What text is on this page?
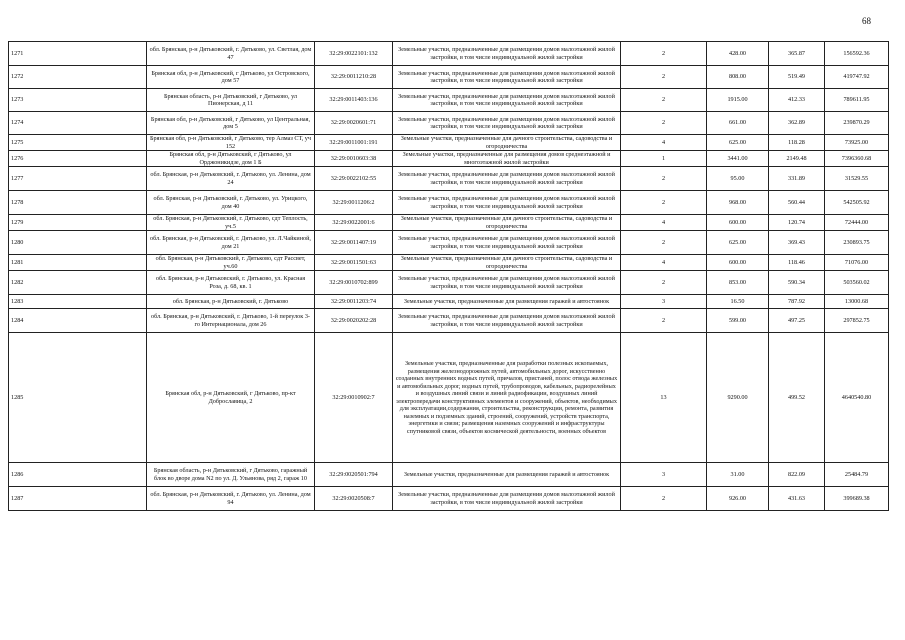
68
1271	обл. Брянская, р-н Дятьковский, г. Дятьково, ул. Светлая, дом 47	32:29:0022101:132	Земельные участки, предназначенные для размещения домов малоэтажной жилой застройки, в том числе индивидуальной жилой застройки	2	428.00	365.87	156592.36
1272	Брянская обл, р-н Дятьковский, г Дятьково, ул Островского, дом 57	32:29:0011210:28	Земельные участки, предназначенные для размещения домов малоэтажной жилой застройки, в том числе индивидуальной жилой застройки	2	808.00	519.49	419747.92
1273	Брянская область, р-н Дятьковский, г Дятьково, ул Пионерская, д 11	32:29:0011403:136	Земельные участки, предназначенные для размещения домов малоэтажной жилой застройки, в том числе индивидуальной жилой застройки	2	1915.00	412.33	789611.95
1274	Брянская обл, р-н Дятьковский, г Дятьково, ул Центральная, дом 5	32:29:0020601:71	Земельные участки, предназначенные для размещения домов малоэтажной жилой застройки, в том числе индивидуальной жилой застройки	2	661.00	362.89	239870.29
1275	Брянская обл, р-н Дятьковский, г Дятьково, тер Алмаз СТ, уч 152	32:29:0011001:191	Земельные участки, предназначенные для дачного строительства, садоводства и огородничества	4	625.00	118.28	73925.00
1276	Брянская обл, р-н Дятьковский, г Дятьково, ул Орджоникидзе, дом 1 Б	32:29:0010603:38	Земельные участки, предназначенные для размещения домов среднеэтажной и многоэтажной жилой застройки	1	3441.00	2149.48	7396360.68
1277	обл. Брянская, р-н Дятьковский, г. Дятьково, ул. Ленина, дом 24	32:29:0022102:55	Земельные участки, предназначенные для размещения домов малоэтажной жилой застройки, в том числе индивидуальной жилой застройки	2	95.00	331.89	31529.55
1278	обл. Брянская, р-н Дятьковский, г. Дятьково, ул. Урицкого, дом 40	32:29:0011206:2	Земельные участки, предназначенные для размещения домов малоэтажной жилой застройки, в том числе индивидуальной жилой застройки	2	968.00	560.44	542505.92
1279	обл. Брянская, р-н Дятьковский, г. Дятьково, сдт Теплость, уч.5	32:29:0022001:6	Земельные участки, предназначенные для дачного строительства, садоводства и огородничества	4	600.00	120.74	72444.00
1280	обл. Брянская, р-н Дятьковский, г. Дятьково, ул. Л.Чайкиной, дом 21	32:29:0011407:19	Земельные участки, предназначенные для размещения домов малоэтажной жилой застройки, в том числе индивидуальной жилой застройки	2	625.00	369.43	230893.75
1281	обл. Брянская, р-н Дятьковский, г. Дятьково, сдт Рассвет, уч.60	32:29:0011501:63	Земельные участки, предназначенные для дачного строительства, садоводства и огородничества	4	600.00	118.46	71076.00
1282	обл. Брянская, р-н Дятьковский, г. Дятьково, ул. Красная Роза, д. 68, кв. 1	32:29:0010702:899	Земельные участки, предназначенные для размещения домов малоэтажной жилой застройки, в том числе индивидуальной жилой застройки	2	853.00	590.34	503560.02
1283	обл. Брянская, р-н Дятьковский, г. Дятьково	32:29:0011203:74	Земельные участки, предназначенные для размещения гаражей и автостоянок	3	16.50	787.92	13000.68
1284	обл. Брянская, р-н Дятьковский, г. Дятьково, 1-й переулок 3-го Интернационала, дом 26	32:29:0020202:28	Земельные участки, предназначенные для размещения домов малоэтажной жилой застройки, в том числе индивидуальной жилой застройки	2	599.00	497.25	297852.75
1285	Брянская обл, р-н Дятьковский, г Дятьково, пр-кт Доброславица, 2	32:29:0010902:7	Земельные участки, предназначенные для разработки полезных ископаемых, размещения железнодорожных путей, автомобильных дорог, искусственно созданных внутренних водных путей, причалов, пристаней, полос отвода железных и автомобильных дорог, водных путей, трубопроводов, кабельных, радиорелейных и воздушных линий связи и линий радиофикации, воздушных линий электропередачи конструктивных элементов и сооружений, объектов, необходимых для эксплуатации,содержания, строительства, реконструкции, ремонта, развития наземных и подземных зданий, строений, сооружений, устройств транспорта, энергетики и связи; размещения наземных сооружений и инфраструктуры спутниковой связи, объектов космической деятельности, военных объектов	13	9290.00	499.52	4640540.80
1286	Брянская область, р-н Дятьковский, г Дятьково, гаражный блок во дворе дома N2 по ул. Д. Ульянова, ряд 2, гараж 10	32:29:0020501:794	Земельные участки, предназначенные для размещения гаражей и автостоянок	3	31.00	822.09	25484.79
1287	обл. Брянская, р-н Дятьковский, г. Дятьково, ул. Ленина, дом 94	32:29:0020508:7	Земельные участки, предназначенные для размещения домов малоэтажной жилой застройки, в том числе индивидуальной жилой застройки	2	926.00	431.63	399689.38
